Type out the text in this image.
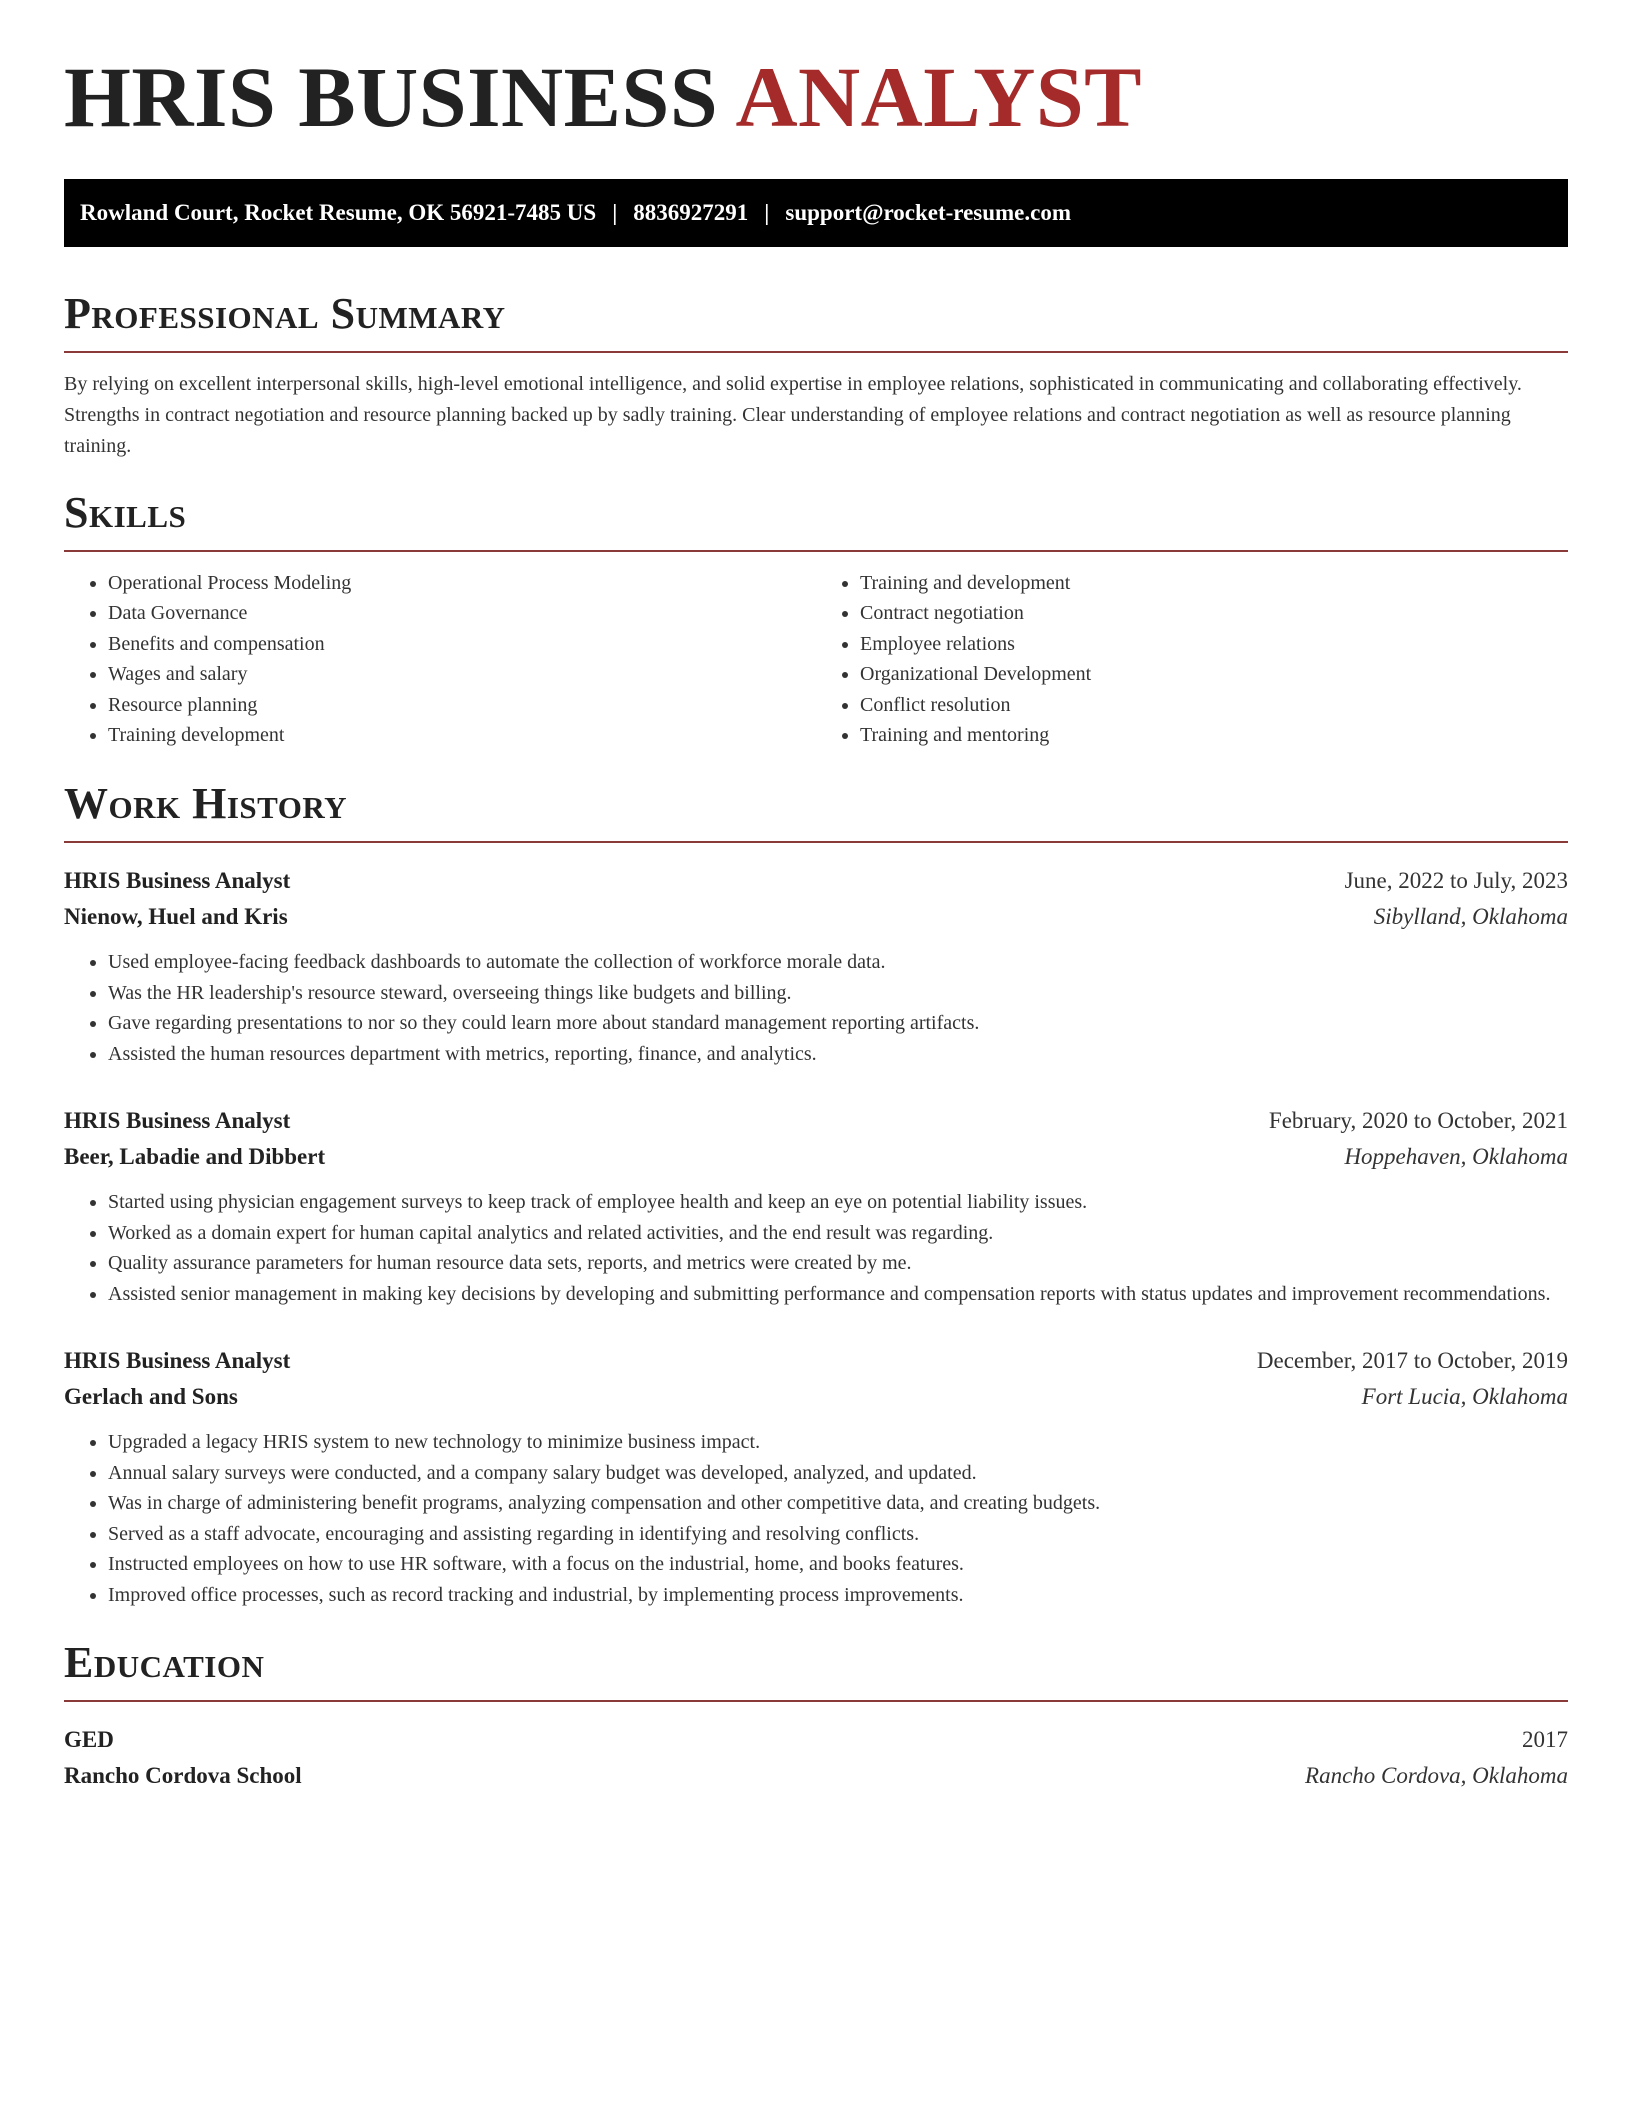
HRIS BUSINESS ANALYST
Rowland Court, Rocket Resume, OK 56921-7485 US | 8836927291 | support@rocket-resume.com
Professional Summary

By relying on excellent interpersonal skills, high-level emotional intelligence, and solid expertise in employee relations, sophisticated in communicating and collaborating effectively. Strengths in contract negotiation and resource planning backed up by sadly training. Clear understanding of employee relations and contract negotiation as well as resource planning training.

Skills
• Operational Process Modeling
• Data Governance
• Benefits and compensation
• Wages and salary
• Resource planning
• Training development
• Training and development
• Contract negotiation
• Employee relations
• Organizational Development
• Conflict resolution
• Training and mentoring
Work History
HRIS Business Analyst	June, 2022 to July, 2023
Nienow, Huel and Kris	Sibylland, Oklahoma
• Used employee-facing feedback dashboards to automate the collection of workforce morale data.
• Was the HR leadership's resource steward, overseeing things like budgets and billing.
• Gave regarding presentations to nor so they could learn more about standard management reporting artifacts.
• Assisted the human resources department with metrics, reporting, finance, and analytics.
HRIS Business Analyst	February, 2020 to October, 2021
Beer, Labadie and Dibbert	Hoppehaven, Oklahoma
• Started using physician engagement surveys to keep track of employee health and keep an eye on potential liability issues.
• Worked as a domain expert for human capital analytics and related activities, and the end result was regarding.
• Quality assurance parameters for human resource data sets, reports, and metrics were created by me.
• Assisted senior management in making key decisions by developing and submitting performance and compensation reports with status updates and improvement recommendations.
HRIS Business Analyst	December, 2017 to October, 2019
Gerlach and Sons	Fort Lucia, Oklahoma
• Upgraded a legacy HRIS system to new technology to minimize business impact.
• Annual salary surveys were conducted, and a company salary budget was developed, analyzed, and updated.
• Was in charge of administering benefit programs, analyzing compensation and other competitive data, and creating budgets.
• Served as a staff advocate, encouraging and assisting regarding in identifying and resolving conflicts.
• Instructed employees on how to use HR software, with a focus on the industrial, home, and books features.
• Improved office processes, such as record tracking and industrial, by implementing process improvements.
Education
GED	2017
Rancho Cordova School	Rancho Cordova, Oklahoma
